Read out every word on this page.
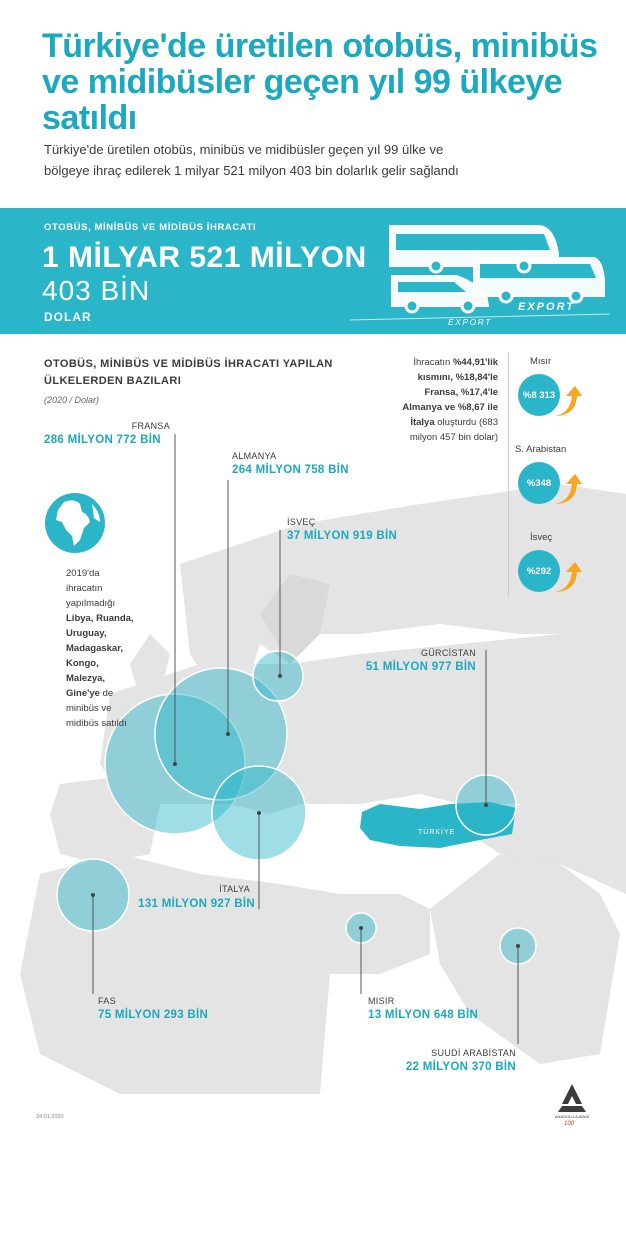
Türkiye'de üretilen otobüs, minibüs ve midibüsler geçen yıl 99 ülkeye satıldı
Türkiye'de üretilen otobüs, minibüs ve midibüsler geçen yıl 99 ülke ve bölgeye ihraç edilerek 1 milyar 521 milyon 403 bin dolarlık gelir sağlandı
OTOBÜS, MİNİBÜS VE MİDİBÜS İHRACATI
1 MİLYAR 521 MİLYON
403 BİN
DOLAR
EXPORT
EXPORT
TÜRKİYE
OTOBÜS, MİNİBÜS VE MİDİBÜS İHRACATI YAPILAN ÜLKELERDEN BAZILARI
(2020 / Dolar)
FRANSA
286 MİLYON 772 BİN
ALMANYA
264 MİLYON 758 BİN
İSVEÇ
37 MİLYON 919 BİN
GÜRCİSTAN
51 MİLYON 977 BİN
İTALYA
131 MİLYON 927 BİN
FAS
75 MİLYON 293 BİN
MISIR
13 MİLYON 648 BİN
SUUDİ ARABİSTAN
22 MİLYON 370 BİN
İhracatın %44,91'lik kısmını, %18,84'le Fransa, %17,4'le Almanya ve %8,67 ile İtalya oluşturdu (683 milyon 457 bin dolar)
Mısır
%8 313
S. Arabistan
%348
İsveç
%292
2019'da ihracatın yapılmadığı Libya, Ruanda, Uruguay, Madagaskar, Kongo, Malezya, Gine'ye de minibüs ve midibüs satıldı
24.01.2020	ANADOLU AJANSI
100
